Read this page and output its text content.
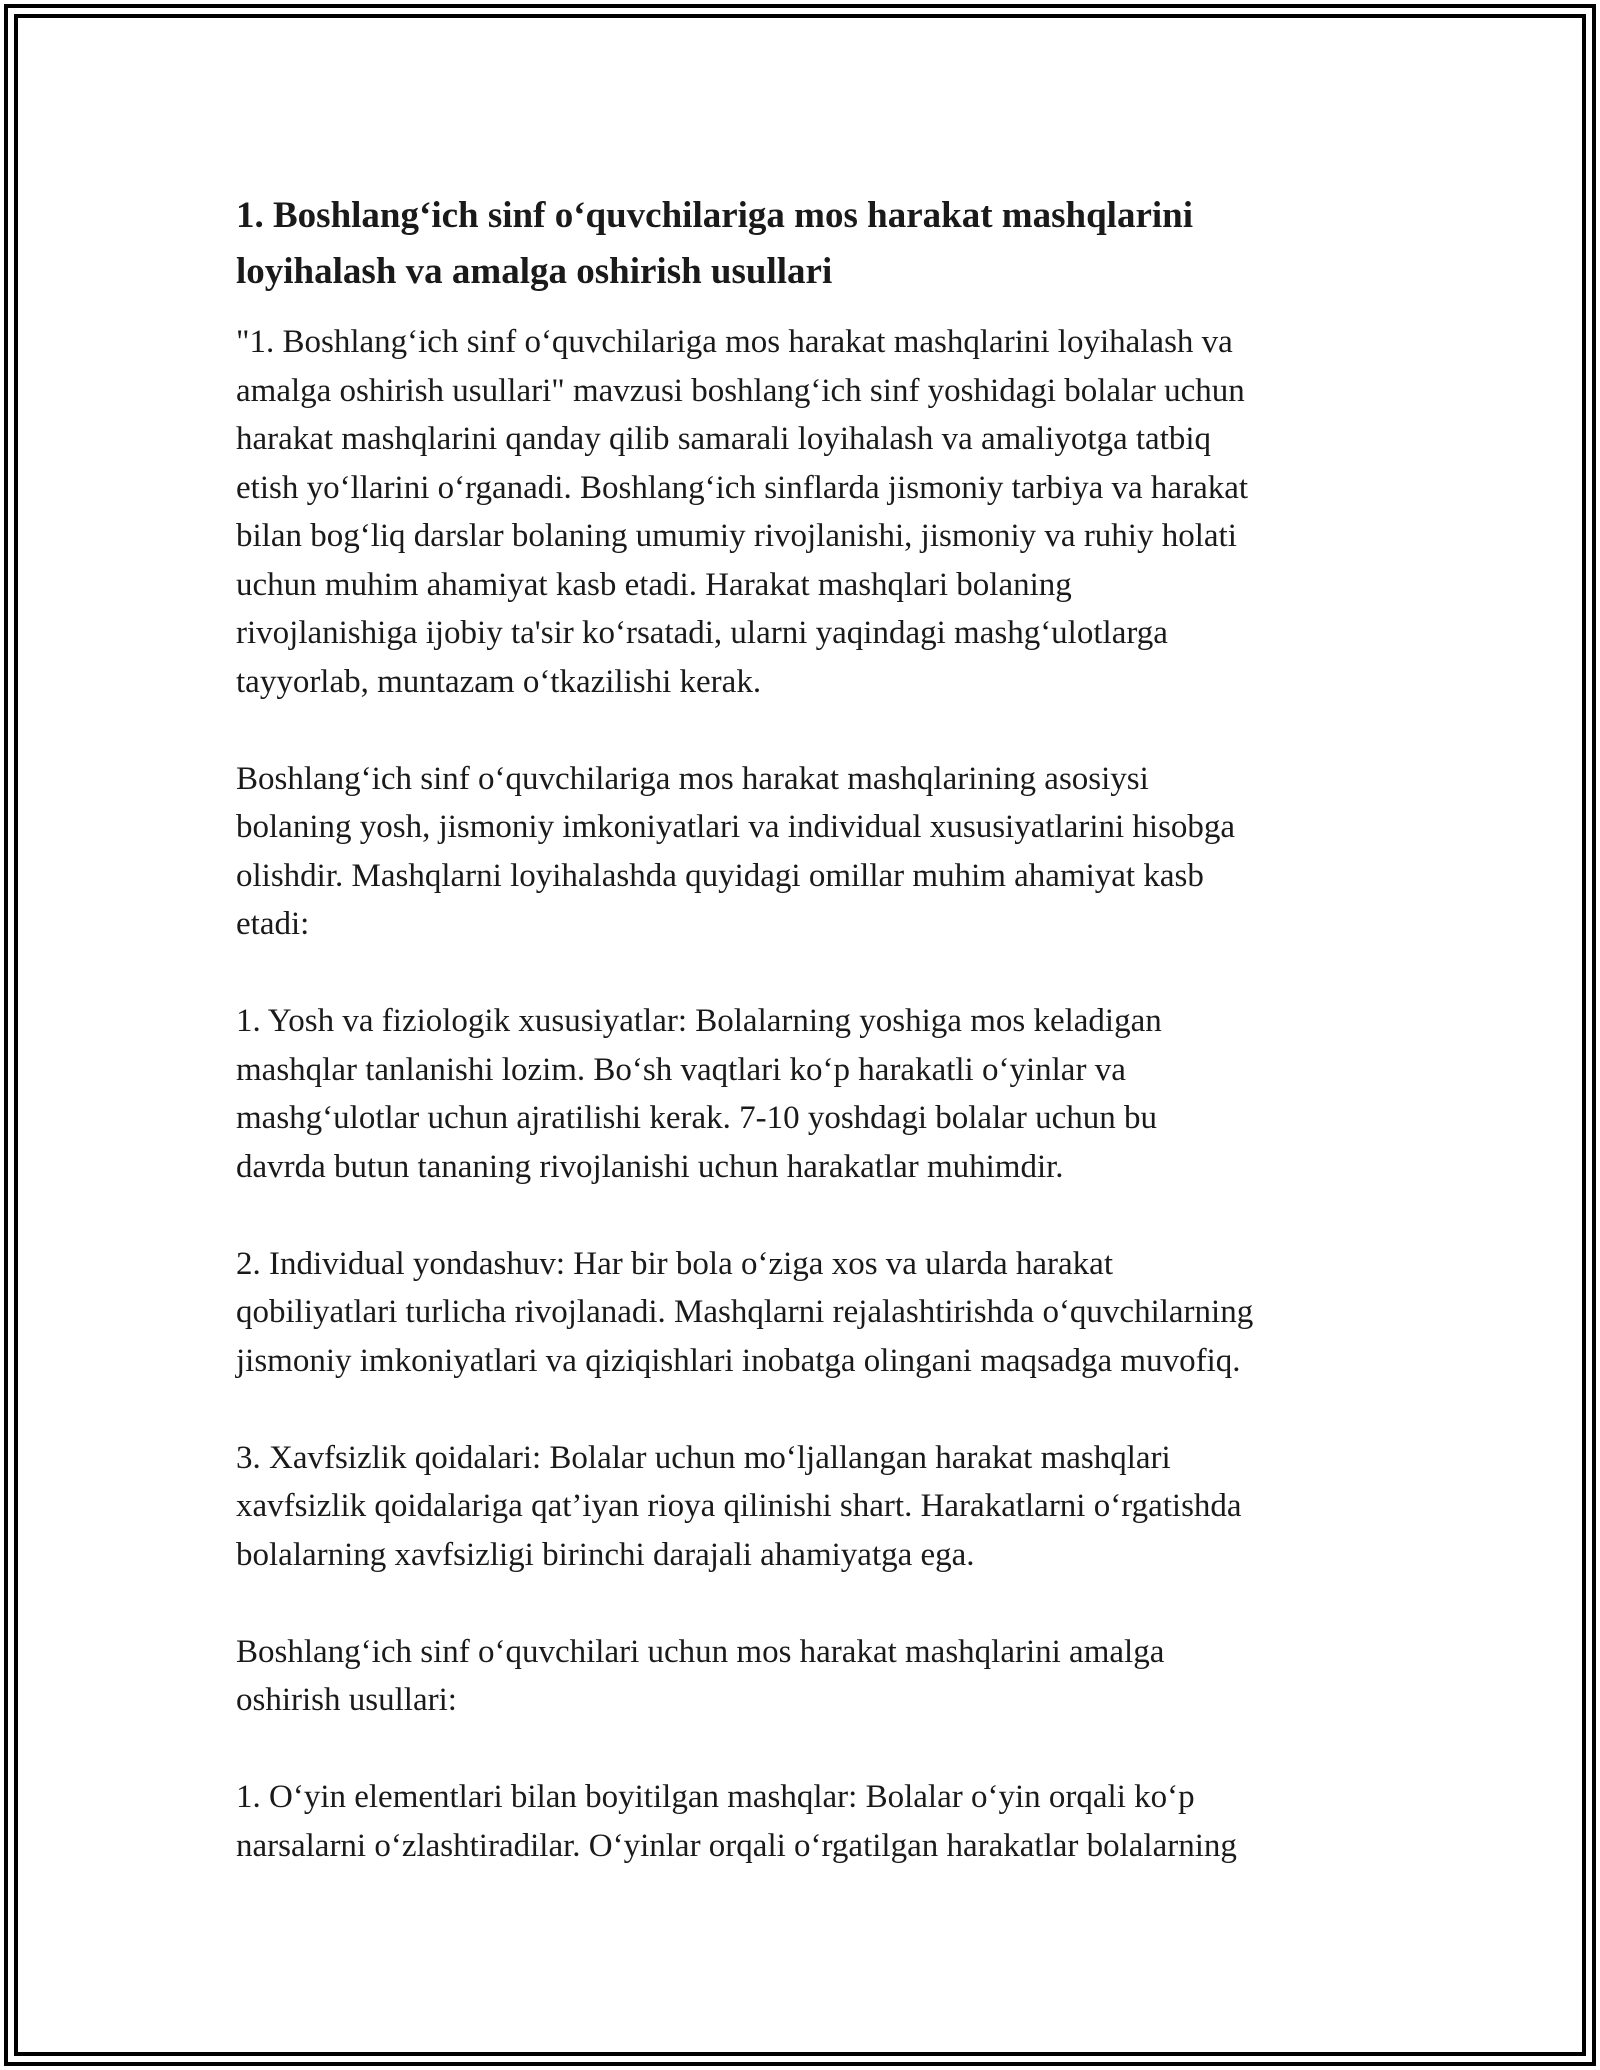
1. Boshlang‘ich sinf o‘quvchilariga mos harakat mashqlarini
loyihalash va amalga oshirish usullari

"1. Boshlang‘ich sinf o‘quvchilariga mos harakat mashqlarini loyihalash va
amalga oshirish usullari" mavzusi boshlang‘ich sinf yoshidagi bolalar uchun
harakat mashqlarini qanday qilib samarali loyihalash va amaliyotga tatbiq
etish yo‘llarini o‘rganadi. Boshlang‘ich sinflarda jismoniy tarbiya va harakat
bilan bog‘liq darslar bolaning umumiy rivojlanishi, jismoniy va ruhiy holati
uchun muhim ahamiyat kasb etadi. Harakat mashqlari bolaning
rivojlanishiga ijobiy ta'sir ko‘rsatadi, ularni yaqindagi mashg‘ulotlarga
tayyorlab, muntazam o‘tkazilishi kerak.

Boshlang‘ich sinf o‘quvchilariga mos harakat mashqlarining asosiysi
bolaning yosh, jismoniy imkoniyatlari va individual xususiyatlarini hisobga
olishdir. Mashqlarni loyihalashda quyidagi omillar muhim ahamiyat kasb
etadi:

1. Yosh va fiziologik xususiyatlar: Bolalarning yoshiga mos keladigan
mashqlar tanlanishi lozim. Bo‘sh vaqtlari ko‘p harakatli o‘yinlar va
mashg‘ulotlar uchun ajratilishi kerak. 7-10 yoshdagi bolalar uchun bu
davrda butun tananing rivojlanishi uchun harakatlar muhimdir.

2. Individual yondashuv: Har bir bola o‘ziga xos va ularda harakat
qobiliyatlari turlicha rivojlanadi. Mashqlarni rejalashtirishda o‘quvchilarning
jismoniy imkoniyatlari va qiziqishlari inobatga olingani maqsadga muvofiq.

3. Xavfsizlik qoidalari: Bolalar uchun mo‘ljallangan harakat mashqlari
xavfsizlik qoidalariga qat’iyan rioya qilinishi shart. Harakatlarni o‘rgatishda
bolalarning xavfsizligi birinchi darajali ahamiyatga ega.

Boshlang‘ich sinf o‘quvchilari uchun mos harakat mashqlarini amalga
oshirish usullari:

1. O‘yin elementlari bilan boyitilgan mashqlar: Bolalar o‘yin orqali ko‘p
narsalarni o‘zlashtiradilar. O‘yinlar orqali o‘rgatilgan harakatlar bolalarning
